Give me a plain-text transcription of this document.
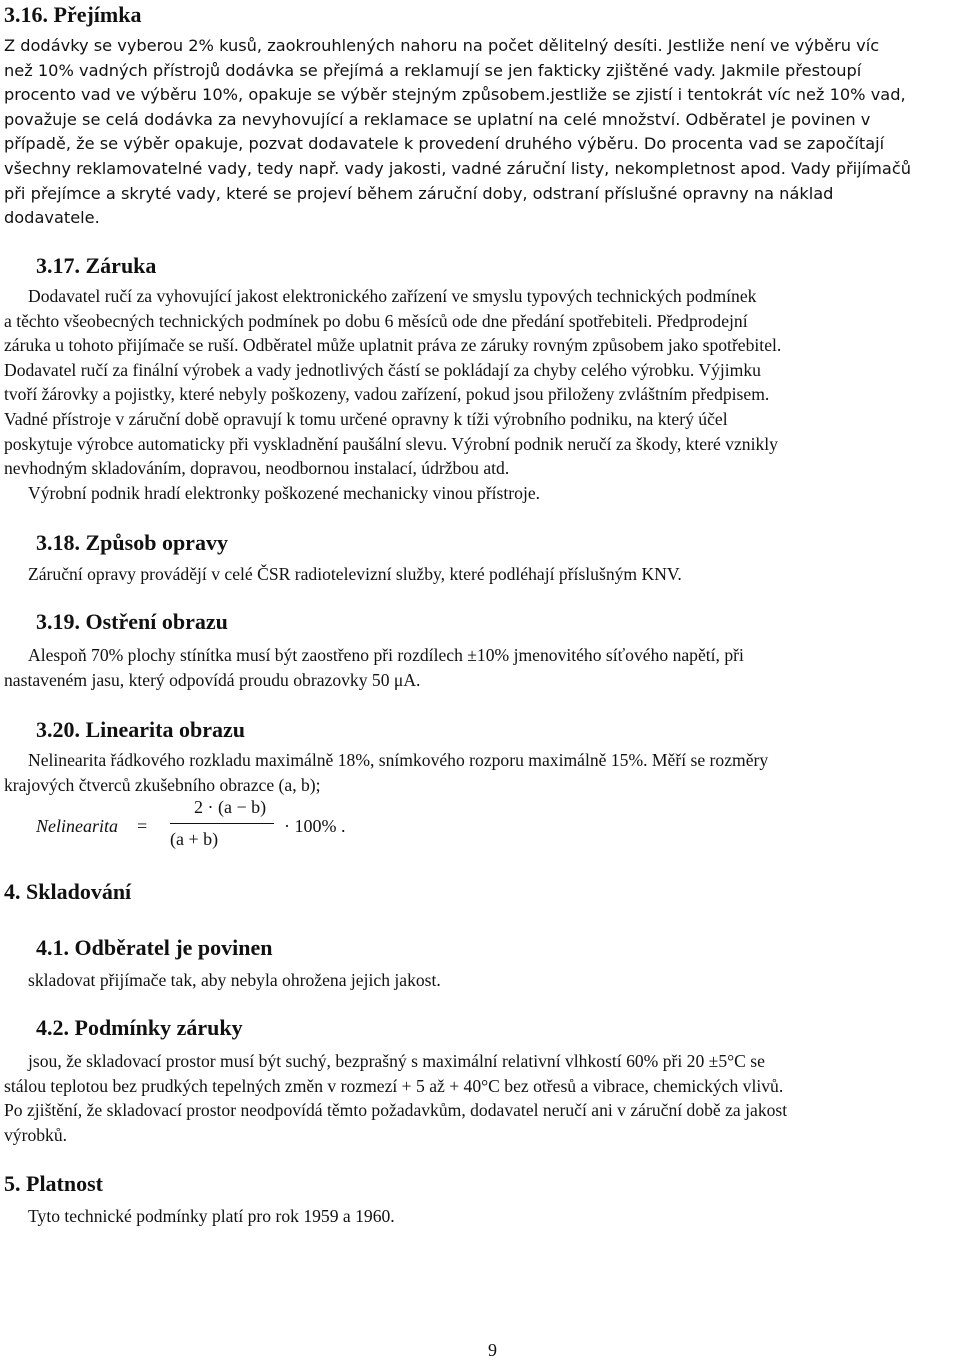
3.16. Přejímka
Z dodávky se vyberou 2% kusů, zaokrouhlených nahoru na počet dělitelný desíti. Jestliže není ve výběru víc
než 10% vadných přístrojů dodávka se přejímá a reklamují se jen fakticky zjištěné vady. Jakmile přestoupí
procento vad ve výběru 10%, opakuje se výběr stejným způsobem.jestliže se zjistí i tentokrát víc než 10% vad,
považuje se celá dodávka za nevyhovující a reklamace se uplatní na celé množství. Odběratel je povinen v
případě, že se výběr opakuje, pozvat dodavatele k provedení druhého výběru. Do procenta vad se započítají
všechny reklamovatelné vady, tedy např. vady jakosti, vadné záruční listy, nekompletnost apod. Vady přijímačů
při přejímce a skryté vady, které se projeví během záruční doby, odstraní příslušné opravny na náklad
dodavatele.
3.17. Záruka
Dodavatel ručí za vyhovující jakost elektronického zařízení ve smyslu typových technických podmínek
a těchto všeobecných technických podmínek po dobu 6 měsíců ode dne předání spotřebiteli. Předprodejní
záruka u tohoto přijímače se ruší. Odběratel může uplatnit práva ze záruky rovným způsobem jako spotřebitel.
Dodavatel ručí za finální výrobek a vady jednotlivých částí se pokládají za chyby celého výrobku. Výjimku
tvoří žárovky a pojistky, které nebyly poškozeny, vadou zařízení, pokud jsou přiloženy zvláštním předpisem.
Vadné přístroje v záruční době opravují k tomu určené opravny k tíži výrobního podniku, na který účel
poskytuje výrobce automaticky při vyskladnění paušální slevu. Výrobní podnik neručí za škody, které vznikly
nevhodným skladováním, dopravou, neodbornou instalací, údržbou atd.
Výrobní podnik hradí elektronky poškozené mechanicky vinou přístroje.
3.18. Způsob opravy
Záruční opravy provádějí v celé ČSR radiotelevizní služby, které podléhají příslušným KNV.
3.19. Ostření obrazu
Alespoň 70% plochy stínítka musí být zaostřeno při rozdílech ±10% jmenovitého síťového napětí, při
nastaveném jasu, který odpovídá proudu obrazovky 50 μA.
3.20. Linearita obrazu
Nelinearita řádkového rozkladu maximálně 18%, snímkového rozporu maximálně 15%. Měří se rozměry
krajových čtverců zkušebního obrazce (a, b);
Nelinearita =
2 · (a − b)
(a + b)
· 100% .
4. Skladování
4.1. Odběratel je povinen
skladovat přijímače tak, aby nebyla ohrožena jejich jakost.
4.2. Podmínky záruky
jsou, že skladovací prostor musí být suchý, bezprašný s maximální relativní vlhkostí 60% při 20 ±5°C se
stálou teplotou bez prudkých tepelných změn v rozmezí + 5 až + 40°C bez otřesů a vibrace, chemických vlivů.
Po zjištění, že skladovací prostor neodpovídá těmto požadavkům, dodavatel neručí ani v záruční době za jakost
výrobků.
5. Platnost
Tyto technické podmínky platí pro rok 1959 a 1960.
9
